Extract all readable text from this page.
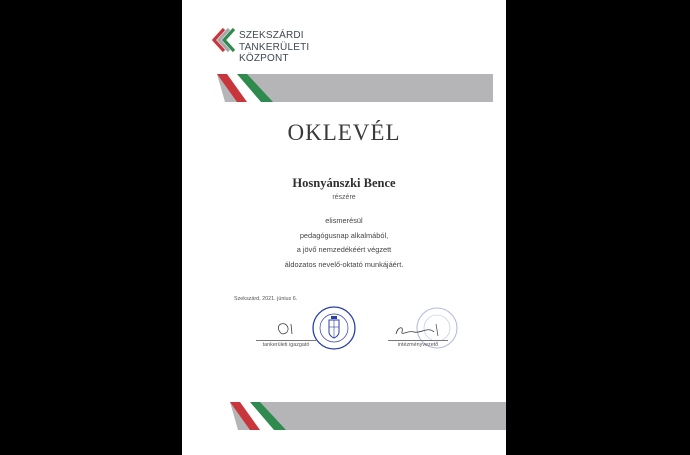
SZEKSZÁRDI
TANKERÜLETI
KÖZPONT
OKLEVÉL
Hosnyánszki Bence
részére
elismerésül
pedagógusnap alkalmából,
a jövő nemzedékéért végzett
áldozatos nevelő-oktató munkájáért.
Szekszárd, 2021. június 6.
tankerületi igazgató	intézményvezető
